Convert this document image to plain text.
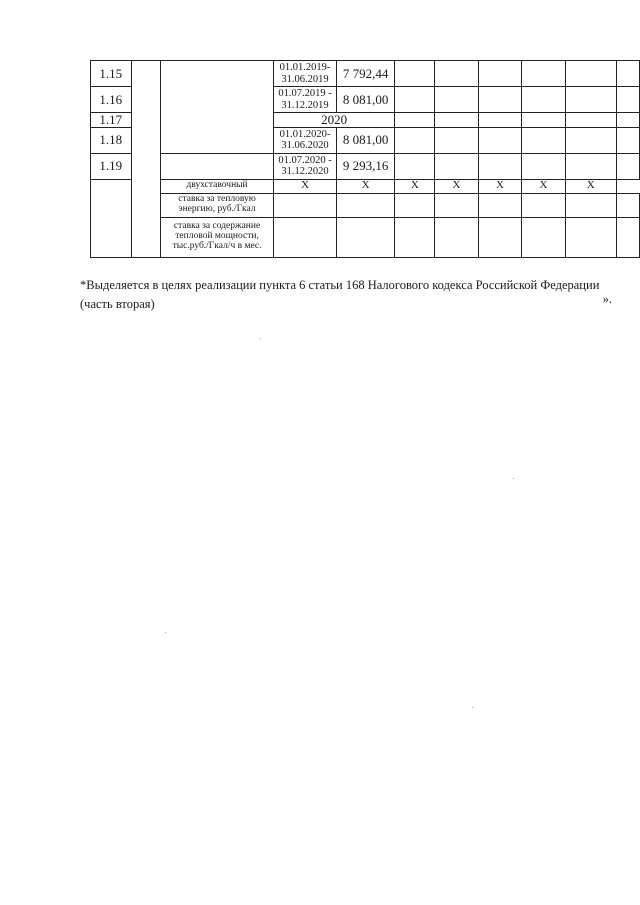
1.15			01.01.2019-
31.06.2019	7 792,44						
1.16			01.07.2019 -
31.12.2019	8 081,00						
1.17			2020							
1.18			01.01.2020-
31.06.2020	8 081,00						
1.19			01.07.2020 -
31.12.2020	9 293,16						
		двухставочный	X	X	X	X	X	X	X	
		ставка за тепловую энергию, руб./Гкал								
		ставка за содержание тепловой мощности, тыс.руб./Гкал/ч в мес.								
*Выделяется в целях реализации пункта 6 статьи 168 Налогового кодекса Российской Федерации
(часть вторая)	».
